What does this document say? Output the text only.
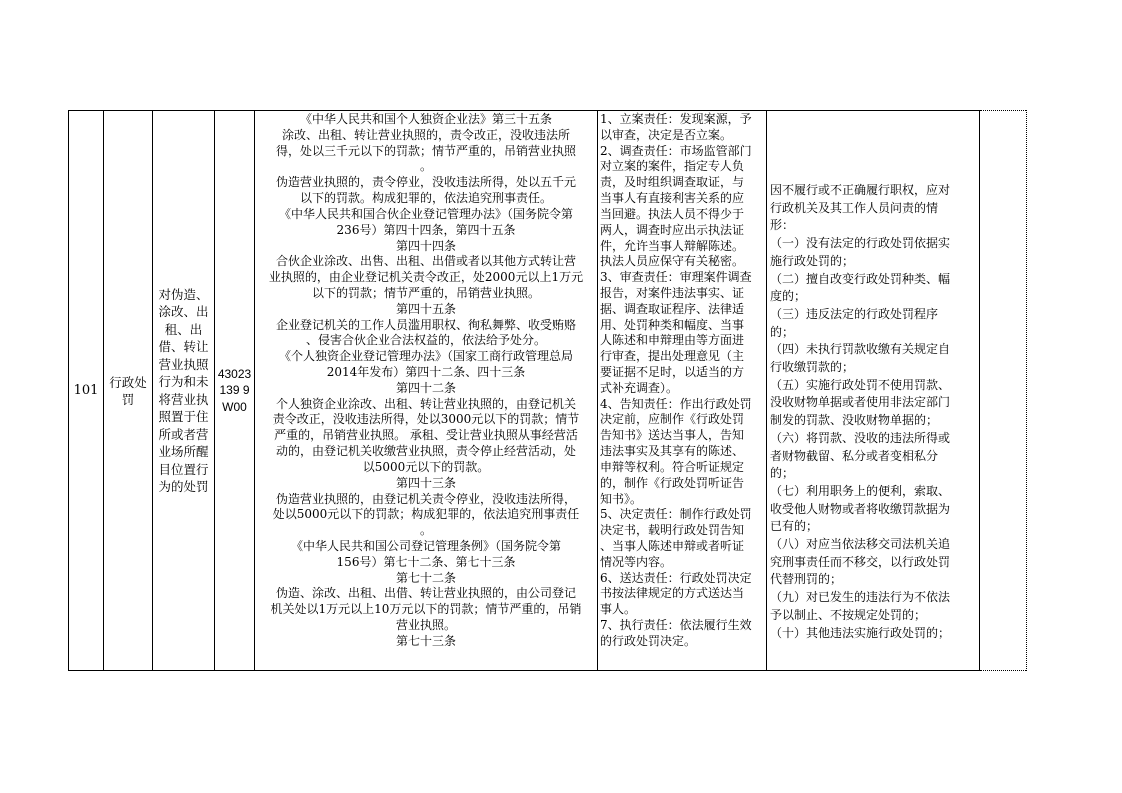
101
行政处罚
对伪造、涂改、出租、出借、转让营业执照行为和未将营业执照置于住所或者营业场所醒目位置行为的处罚
43023139 9W00
《中华人民共和国个人独资企业法》第三十五条
涂改、出租、转让营业执照的，责令改正，没收违法所
得，处以三千元以下的罚款；情节严重的，吊销营业执照
。
伪造营业执照的，责令停业，没收违法所得，处以五千元
以下的罚款。构成犯罪的，依法追究刑事责任。
《中华人民共和国合伙企业登记管理办法》（国务院令第
236号）第四十四条，第四十五条
第四十四条
合伙企业涂改、出售、出租、出借或者以其他方式转让营
业执照的，由企业登记机关责令改正，处2000元以上1万元
以下的罚款；情节严重的，吊销营业执照。
第四十五条
企业登记机关的工作人员滥用职权、徇私舞弊、收受贿赂
、侵害合伙企业合法权益的，依法给予处分。
《个人独资企业登记管理办法》（国家工商行政管理总局
2014年发布）第四十二条、四十三条
第四十二条
个人独资企业涂改、出租、转让营业执照的，由登记机关
责令改正，没收违法所得，处以3000元以下的罚款；情节
严重的，吊销营业执照。 承租、受让营业执照从事经营活
动的，由登记机关收缴营业执照，责令停止经营活动，处
以5000元以下的罚款。
第四十三条
伪造营业执照的，由登记机关责令停业，没收违法所得，
处以5000元以下的罚款；构成犯罪的，依法追究刑事责任
。
《中华人民共和国公司登记管理条例》（国务院令第
156号）第七十二条、第七十三条
第七十二条
伪造、涂改、出租、出借、转让营业执照的，由公司登记
机关处以1万元以上10万元以下的罚款；情节严重的，吊销
营业执照。
第七十三条
1、立案责任：发现案源，予
以审查，决定是否立案。
2、调查责任：市场监管部门
对立案的案件，指定专人负
责，及时组织调查取证，与
当事人有直接利害关系的应
当回避。执法人员不得少于
两人，调查时应出示执法证
件，允许当事人辩解陈述。
执法人员应保守有关秘密。
3、审查责任：审理案件调查
报告，对案件违法事实、证
据、调查取证程序、法律适
用、处罚种类和幅度、当事
人陈述和申辩理由等方面进
行审查，提出处理意见（主
要证据不足时，以适当的方
式补充调查）。
4、告知责任：作出行政处罚
决定前，应制作《行政处罚
告知书》送达当事人，告知
违法事实及其享有的陈述、
申辩等权利。符合听证规定
的，制作《行政处罚听证告
知书》。
5、决定责任：制作行政处罚
决定书，载明行政处罚告知
、当事人陈述申辩或者听证
情况等内容。
6、送达责任：行政处罚决定
书按法律规定的方式送达当
事人。
7、执行责任：依法履行生效
的行政处罚决定。
因不履行或不正确履行职权，应对
行政机关及其工作人员问责的情
形：
（一）没有法定的行政处罚依据实
施行政处罚的；
（二）擅自改变行政处罚种类、幅
度的；
（三）违反法定的行政处罚程序
的；
（四）未执行罚款收缴有关规定自
行收缴罚款的；
（五）实施行政处罚不使用罚款、
没收财物单据或者使用非法定部门
制发的罚款、没收财物单据的；
（六）将罚款、没收的违法所得或
者财物截留、私分或者变相私分
的；
（七）利用职务上的便利，索取、
收受他人财物或者将收缴罚款据为
已有的；
（八）对应当依法移交司法机关追
究刑事责任而不移交，以行政处罚
代替刑罚的；
（九）对已发生的违法行为不依法
予以制止、不按规定处罚的；
（十）其他违法实施行政处罚的；
